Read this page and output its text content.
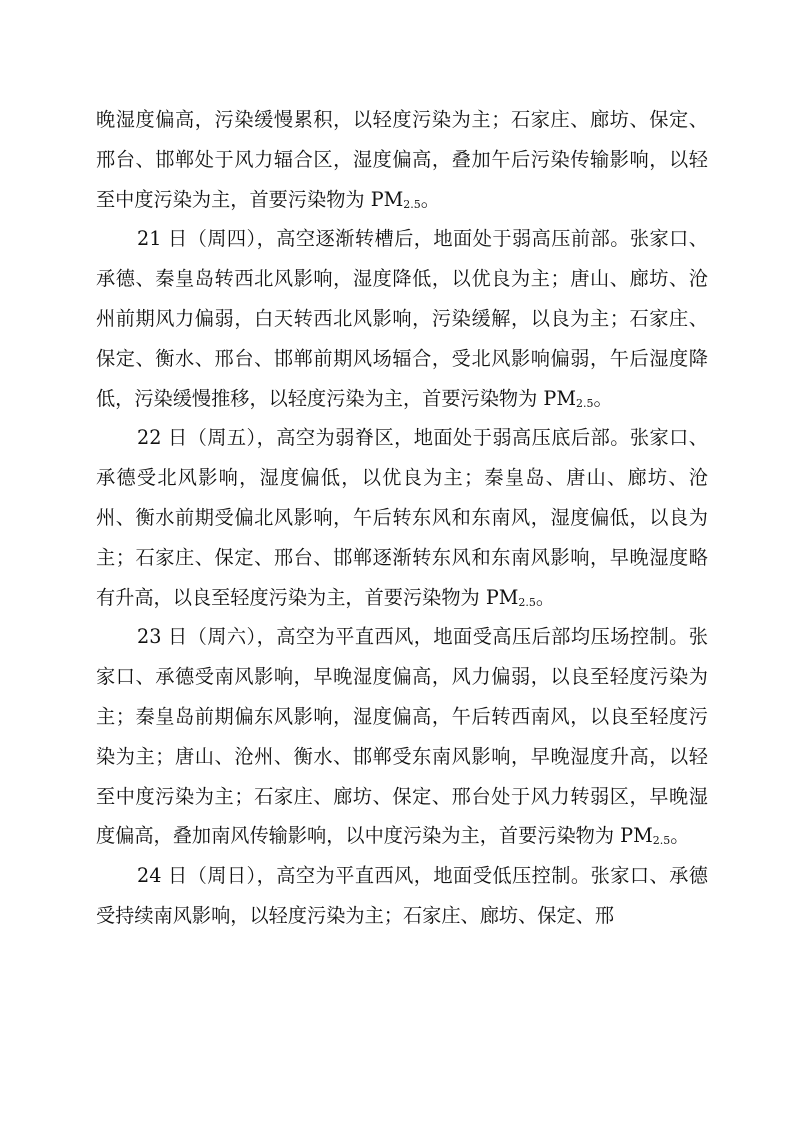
晚湿度偏高，污染缓慢累积，以轻度污染为主；石家庄、廊坊、保定、邢台、邯郸处于风力辐合区，湿度偏高，叠加午后污染传输影响，以轻至中度污染为主，首要污染物为 PM2.5。

21 日（周四），高空逐渐转槽后，地面处于弱高压前部。张家口、承德、秦皇岛转西北风影响，湿度降低，以优良为主；唐山、廊坊、沧州前期风力偏弱，白天转西北风影响，污染缓解，以良为主；石家庄、保定、衡水、邢台、邯郸前期风场辐合，受北风影响偏弱，午后湿度降低，污染缓慢推移，以轻度污染为主，首要污染物为 PM2.5。

22 日（周五），高空为弱脊区，地面处于弱高压底后部。张家口、承德受北风影响，湿度偏低，以优良为主；秦皇岛、唐山、廊坊、沧州、衡水前期受偏北风影响，午后转东风和东南风，湿度偏低，以良为主；石家庄、保定、邢台、邯郸逐渐转东风和东南风影响，早晚湿度略有升高，以良至轻度污染为主，首要污染物为 PM2.5。

23 日（周六），高空为平直西风，地面受高压后部均压场控制。张家口、承德受南风影响，早晚湿度偏高，风力偏弱，以良至轻度污染为主；秦皇岛前期偏东风影响，湿度偏高，午后转西南风，以良至轻度污染为主；唐山、沧州、衡水、邯郸受东南风影响，早晚湿度升高，以轻至中度污染为主；石家庄、廊坊、保定、邢台处于风力转弱区，早晚湿度偏高，叠加南风传输影响，以中度污染为主，首要污染物为 PM2.5。

24 日（周日），高空为平直西风，地面受低压控制。张家口、承德受持续南风影响，以轻度污染为主；石家庄、廊坊、保定、邢
